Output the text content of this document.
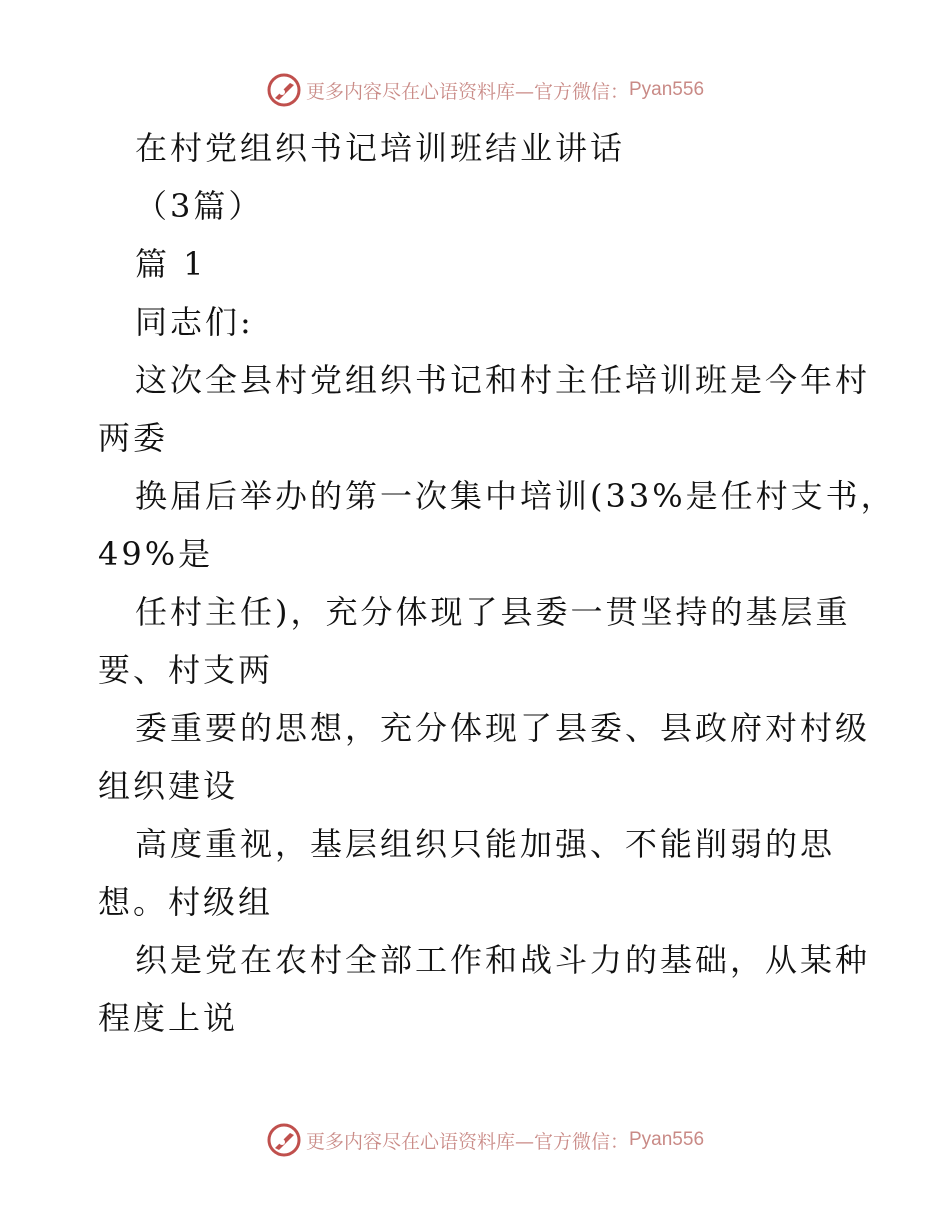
更多内容尽在心语资料库—官方微信： Pyan556
在村党组织书记培训班结业讲话
（3篇）
篇 1
同志们:
这次全县村党组织书记和村主任培训班是今年村
两委
换届后举办的第一次集中培训(33%是任村支书，
49%是
任村主任)，充分体现了县委一贯坚持的基层重
要、村支两
委重要的思想，充分体现了县委、县政府对村级
组织建设
高度重视，基层组织只能加强、不能削弱的思
想。村级组
织是党在农村全部工作和战斗力的基础，从某种
程度上说
更多内容尽在心语资料库—官方微信： Pyan556
